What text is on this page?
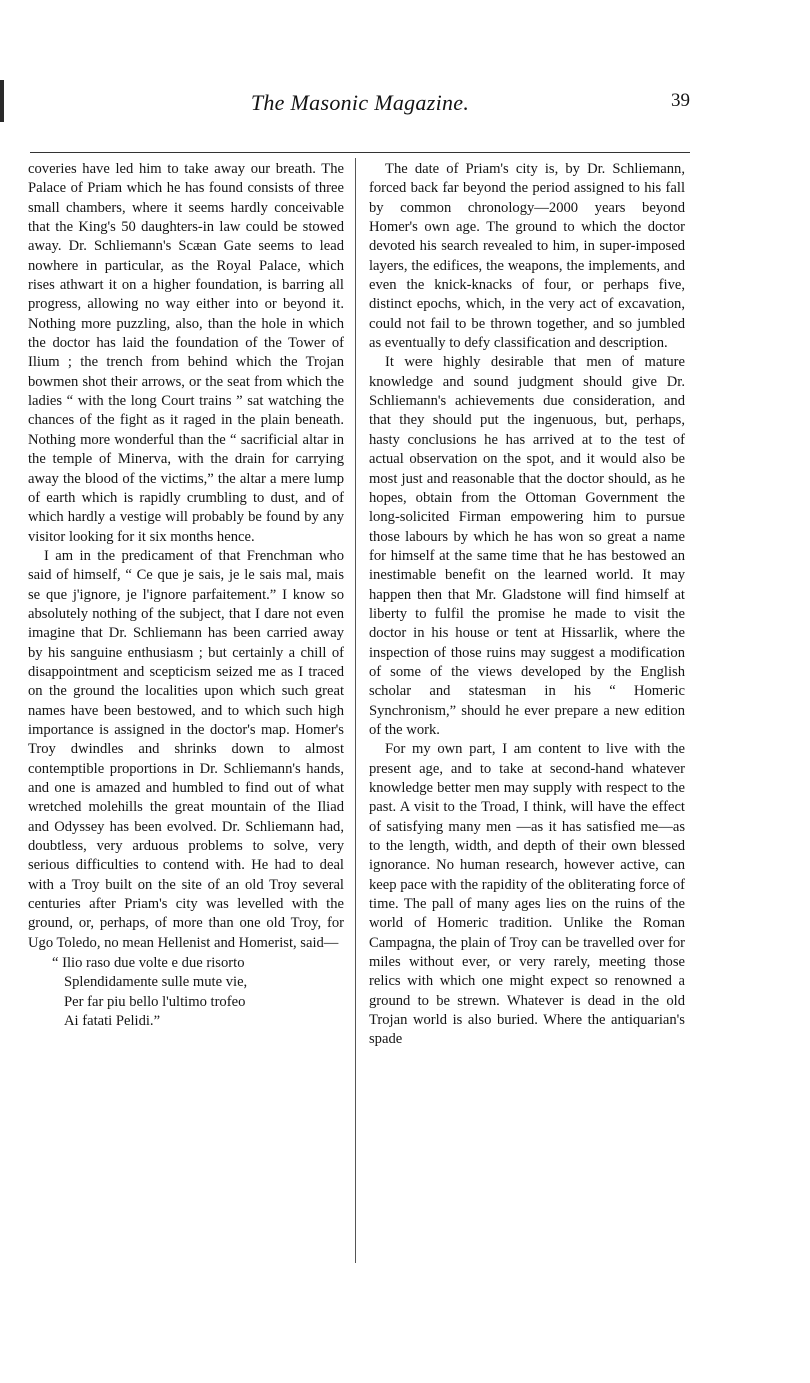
The Masonic Magazine.	39

coveries have led him to take away our breath. The Palace of Priam which he has found consists of three small chambers, where it seems hardly conceivable that the King's 50 daughters-in law could be stowed away. Dr. Schliemann's Scæan Gate seems to lead nowhere in particular, as the Royal Palace, which rises athwart it on a higher foundation, is barring all progress, allowing no way either into or beyond it. Nothing more puzzling, also, than the hole in which the doctor has laid the foundation of the Tower of Ilium ; the trench from behind which the Trojan bowmen shot their arrows, or the seat from which the ladies “ with the long Court trains ” sat watching the chances of the fight as it raged in the plain beneath. Nothing more wonderful than the “ sacrificial altar in the temple of Minerva, with the drain for carrying away the blood of the victims,” the altar a mere lump of earth which is rapidly crumbling to dust, and of which hardly a vestige will probably be found by any visitor looking for it six months hence.

I am in the predicament of that Frenchman who said of himself, “ Ce que je sais, je le sais mal, mais se que j'ignore, je l'ignore parfaitement.” I know so absolutely nothing of the subject, that I dare not even imagine that Dr. Schliemann has been carried away by his sanguine enthusiasm ; but certainly a chill of disappointment and scepticism seized me as I traced on the ground the localities upon which such great names have been bestowed, and to which such high importance is assigned in the doctor's map. Homer's Troy dwindles and shrinks down to almost contemptible proportions in Dr. Schliemann's hands, and one is amazed and humbled to find out of what wretched molehills the great mountain of the Iliad and Odyssey has been evolved. Dr. Schliemann had, doubtless, very arduous problems to solve, very serious difficulties to contend with. He had to deal with a Troy built on the site of an old Troy several centuries after Priam's city was levelled with the ground, or, perhaps, of more than one old Troy, for Ugo Toledo, no mean Hellenist and Homerist, said—

“ Ilio raso due volte e due risorto
Splendidamente sulle mute vie,
Per far piu bello l'ultimo trofeo
Ai fatati Pelidi.”

The date of Priam's city is, by Dr. Schliemann, forced back far beyond the period assigned to his fall by common chronology—2000 years beyond Homer's own age. The ground to which the doctor devoted his search revealed to him, in super-imposed layers, the edifices, the weapons, the implements, and even the knick-knacks of four, or perhaps five, distinct epochs, which, in the very act of excavation, could not fail to be thrown together, and so jumbled as eventually to defy classification and description.

It were highly desirable that men of mature knowledge and sound judgment should give Dr. Schliemann's achievements due consideration, and that they should put the ingenuous, but, perhaps, hasty conclusions he has arrived at to the test of actual observation on the spot, and it would also be most just and reasonable that the doctor should, as he hopes, obtain from the Ottoman Government the long-solicited Firman empowering him to pursue those labours by which he has won so great a name for himself at the same time that he has bestowed an inestimable benefit on the learned world. It may happen then that Mr. Gladstone will find himself at liberty to fulfil the promise he made to visit the doctor in his house or tent at Hissarlik, where the inspection of those ruins may suggest a modification of some of the views developed by the English scholar and statesman in his “ Homeric Synchronism,” should he ever prepare a new edition of the work.

For my own part, I am content to live with the present age, and to take at second-hand whatever knowledge better men may supply with respect to the past. A visit to the Troad, I think, will have the effect of satisfying many men —as it has satisfied me—as to the length, width, and depth of their own blessed ignorance. No human research, however active, can keep pace with the rapidity of the obliterating force of time. The pall of many ages lies on the ruins of the world of Homeric tradition. Unlike the Roman Campagna, the plain of Troy can be travelled over for miles without ever, or very rarely, meeting those relics with which one might expect so renowned a ground to be strewn. Whatever is dead in the old Trojan world is also buried. Where the antiquarian's spade
